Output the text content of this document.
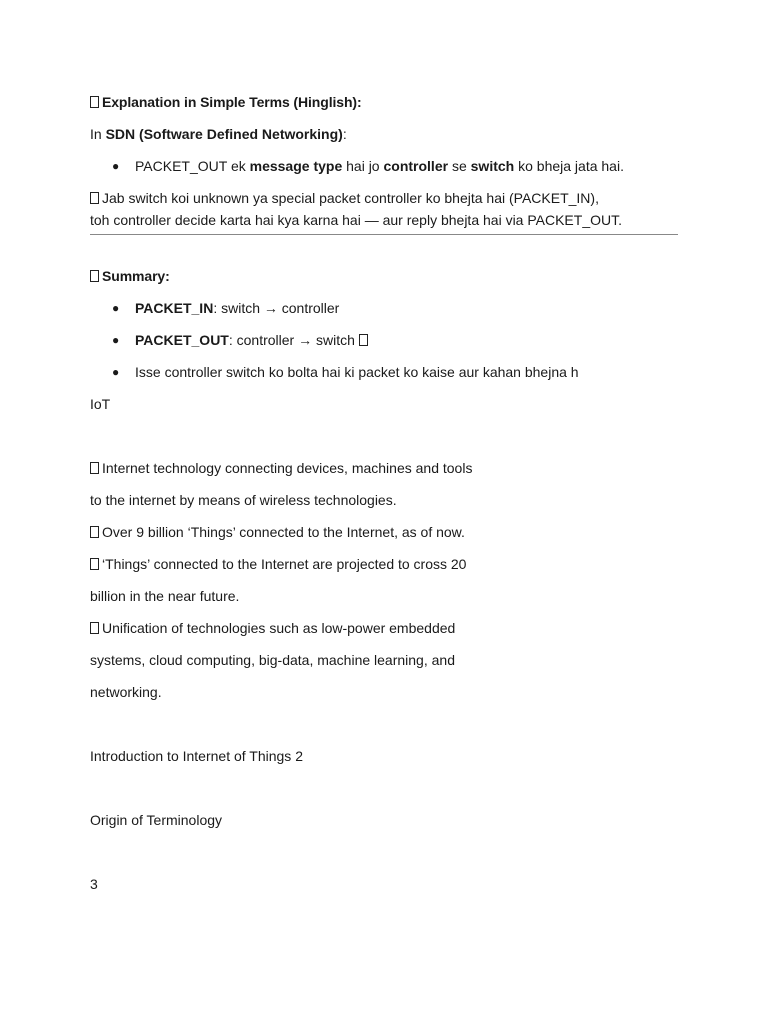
Explanation in Simple Terms (Hinglish):
In SDN (Software Defined Networking) :
●	PACKET_OUT ek message type hai jo controller se switch ko bheja jata hai.
Jab switch koi unknown ya special packet controller ko bhejta hai (PACKET_IN),
toh controller decide karta hai kya karna hai — aur reply bhejta hai via PACKET_OUT.
Summary:
●	PACKET_IN : switch → controller
●	PACKET_OUT : controller → switch
●	Isse controller switch ko bolta hai ki packet ko kaise aur kahan bhejna h
IoT
Internet technology connecting devices, machines and tools
to the internet by means of wireless technologies.
Over 9 billion ‘Things’ connected to the Internet, as of now.
‘Things’ connected to the Internet are projected to cross 20
billion in the near future.
Unification of technologies such as low-power embedded
systems, cloud computing, big-data, machine learning, and
networking.
Introduction to Internet of Things 2
Origin of Terminology
3
